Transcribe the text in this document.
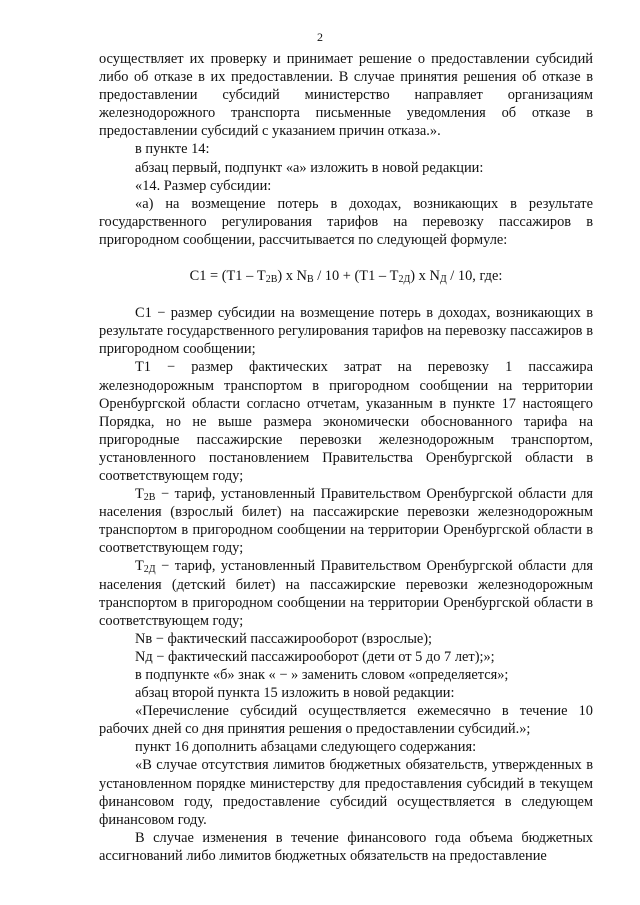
2

осуществляет их проверку и принимает решение о предоставлении субсидий либо об отказе в их предоставлении. В случае принятия решения об отказе в предоставлении субсидий министерство направляет организациям железнодорожного транспорта письменные уведомления об отказе в предоставлении субсидий с указанием причин отказа.».

в пункте 14:

абзац первый, подпункт «а» изложить в новой редакции:

«14. Размер субсидии:

«а) на возмещение потерь в доходах, возникающих в результате государственного регулирования тарифов на перевозку пассажиров в пригородном сообщении, рассчитывается по следующей формуле:

$С1 = (Т1 - Т_{2В})$ х $N_В / 10 + (Т1 - Т_{2Д})$ х $N_Д / 10$, где:

С1 − размер субсидии на возмещение потерь в доходах, возникающих в результате государственного регулирования тарифов на перевозку пассажиров в пригородном сообщении;

Т1 − размер фактических затрат на перевозку 1 пассажира железнодорожным транспортом в пригородном сообщении на территории Оренбургской области согласно отчетам, указанным в пункте 17 настоящего Порядка, но не выше размера экономически обоснованного тарифа на пригородные пассажирские перевозки железнодорожным транспортом, установленного постановлением Правительства Оренбургской области в соответствующем году;

$Т_{2В}$ − тариф, установленный Правительством Оренбургской области для населения (взрослый билет) на пассажирские перевозки железнодорожным транспортом в пригородном сообщении на территории Оренбургской области в соответствующем году;

$Т_{2Д}$ − тариф, установленный Правительством Оренбургской области для населения (детский билет) на пассажирские перевозки железнодорожным транспортом в пригородном сообщении на территории Оренбургской области в соответствующем году;

Nв − фактический пассажирооборот (взрослые);

Nд − фактический пассажирооборот (дети от 5 до 7 лет);»;

в подпункте «б» знак « − » заменить словом «определяется»;

абзац второй пункта 15 изложить в новой редакции:

«Перечисление субсидий осуществляется ежемесячно в течение 10 рабочих дней со дня принятия решения о предоставлении субсидий.»;

пункт 16 дополнить абзацами следующего содержания:

«В случае отсутствия лимитов бюджетных обязательств, утвержденных в установленном порядке министерству для предоставления субсидий в текущем финансовом году, предоставление субсидий осуществляется в следующем финансовом году.

В случае изменения в течение финансового года объема бюджетных ассигнований либо лимитов бюджетных обязательств на предоставление
